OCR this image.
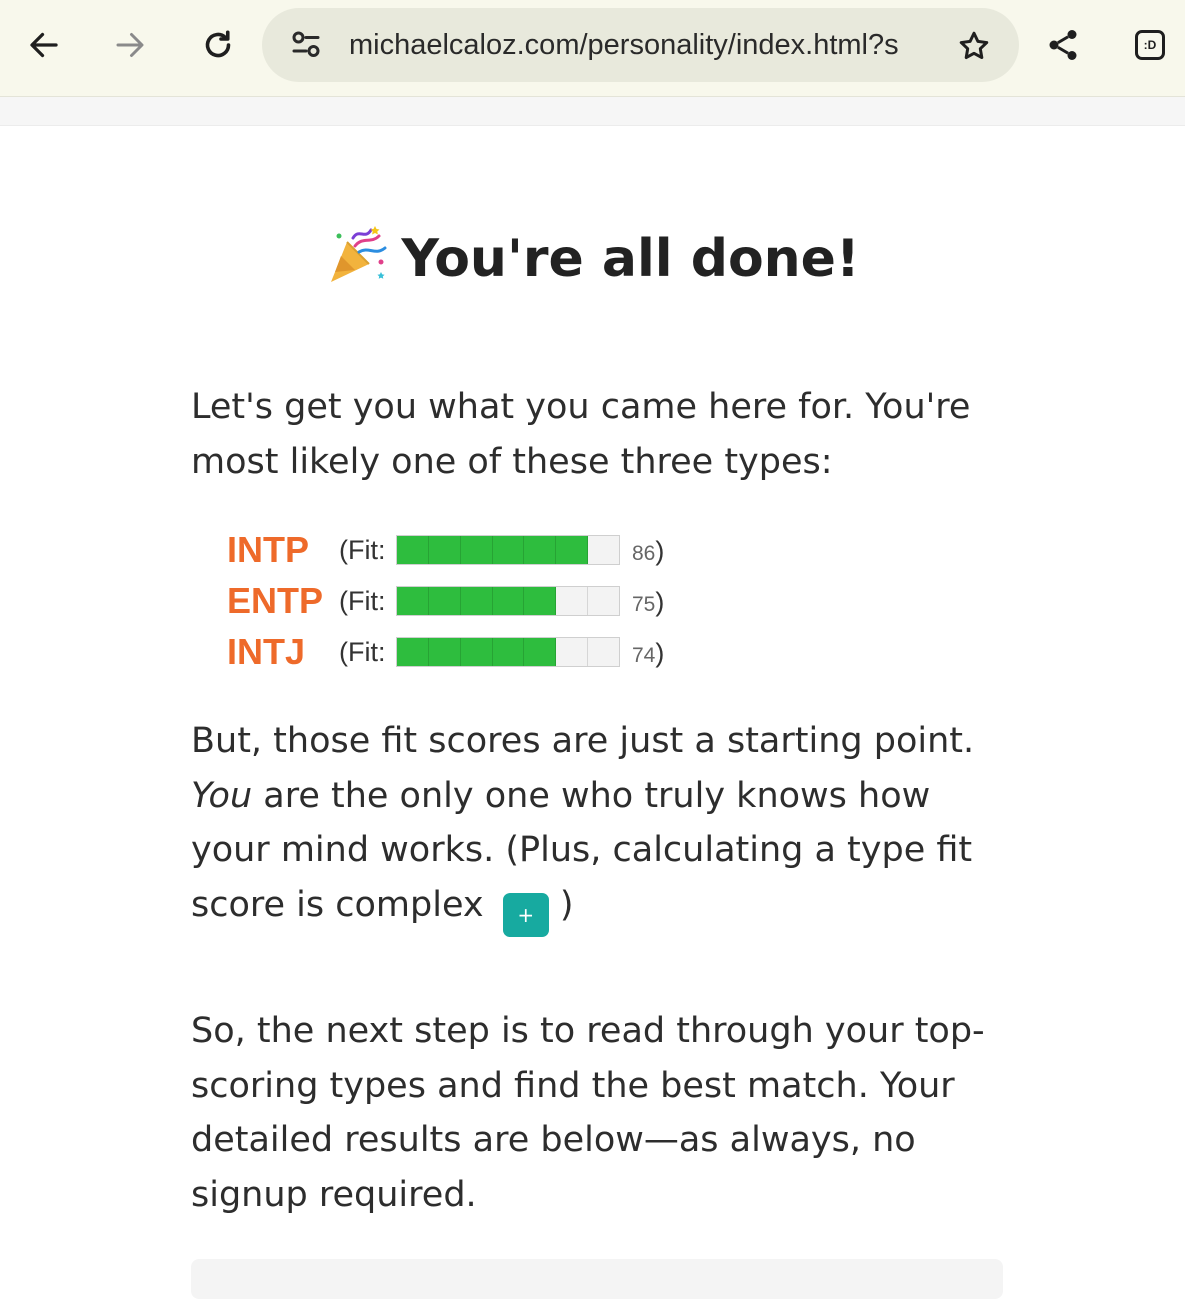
michaelcaloz.com/personality/index.html?s	:D
You're all done!
Let's get you what you came here for. You're most likely one of these three types:
INTP (Fit:	86)
ENTP (Fit:	75)
INTJ (Fit:	74)
But, those fit scores are just a starting point. You are the only one who truly knows how your mind works. (Plus, calculating a type fit score is complex + )
So, the next step is to read through your top-scoring types and find the best match. Your detailed results are below—as always, no signup required.
